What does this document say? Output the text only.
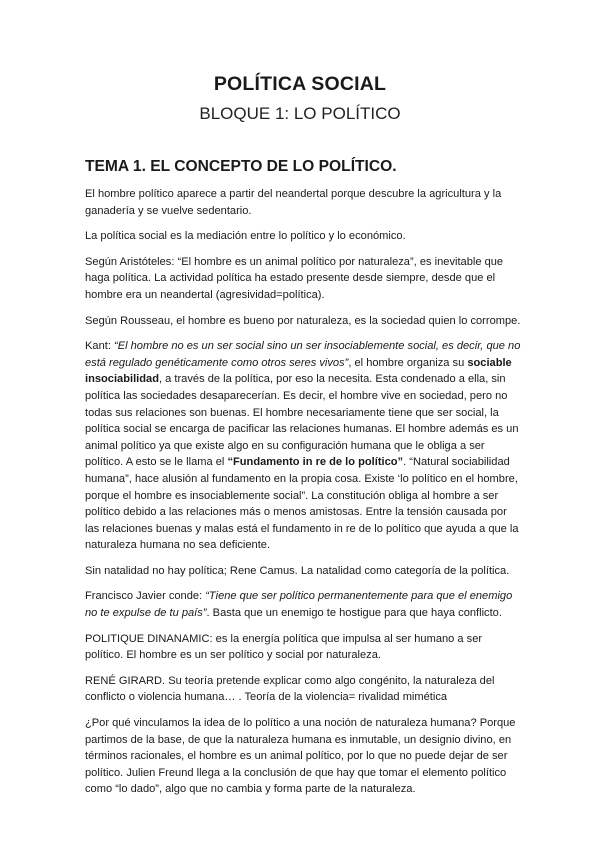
POLÍTICA SOCIAL
BLOQUE 1: LO POLÍTICO
TEMA 1. EL CONCEPTO DE LO POLÍTICO.

El hombre político aparece a partir del neandertal porque descubre la agricultura y la ganadería y se vuelve sedentario.

La política social es la mediación entre lo político y lo económico.

Según Aristóteles: “El hombre es un animal político por naturaleza”, es inevitable que haga política. La actividad política ha estado presente desde siempre, desde que el hombre era un neandertal (agresividad=política).

Según Rousseau, el hombre es bueno por naturaleza, es la sociedad quien lo corrompe.

Kant: “El hombre no es un ser social sino un ser insociablemente social, es decir, que no está regulado genéticamente como otros seres vivos”, el hombre organiza su sociable insociabilidad, a través de la política, por eso la necesita. Esta condenado a ella, sin política las sociedades desaparecerían. Es decir, el hombre vive en sociedad, pero no todas sus relaciones son buenas. El hombre necesariamente tiene que ser social, la política social se encarga de pacificar las relaciones humanas. El hombre además es un animal político ya que existe algo en su configuración humana que le obliga a ser político. A esto se le llama el “Fundamento in re de lo político”. “Natural sociabilidad humana”, hace alusión al fundamento en la propia cosa. Existe ‘lo político en el hombre, porque el hombre es insociablemente social”. La constitución obliga al hombre a ser político debido a las relaciones más o menos amistosas. Entre la tensión causada por las relaciones buenas y malas está el fundamento in re de lo político que ayuda a que la naturaleza humana no sea deficiente.

Sin natalidad no hay política; Rene Camus. La natalidad como categoría de la política.

Francisco Javier conde: “Tiene que ser político permanentemente para que el enemigo no te expulse de tu país”. Basta que un enemigo te hostigue para que haya conflicto.

POLITIQUE DINANAMIC: es la energía política que impulsa al ser humano a ser político. El hombre es un ser político y social por naturaleza.

RENÉ GIRARD. Su teoría pretende explicar como algo congénito, la naturaleza del conflicto o violencia humana… . Teoría de la violencia= rivalidad mimética

¿Por qué vinculamos la idea de lo político a una noción de naturaleza humana? Porque partimos de la base, de que la naturaleza humana es inmutable, un designio divino, en términos racionales, el hombre es un animal político, por lo que no puede dejar de ser político. Julien Freund llega a la conclusión de que hay que tomar el elemento político como “lo dado”, algo que no cambia y forma parte de la naturaleza.
